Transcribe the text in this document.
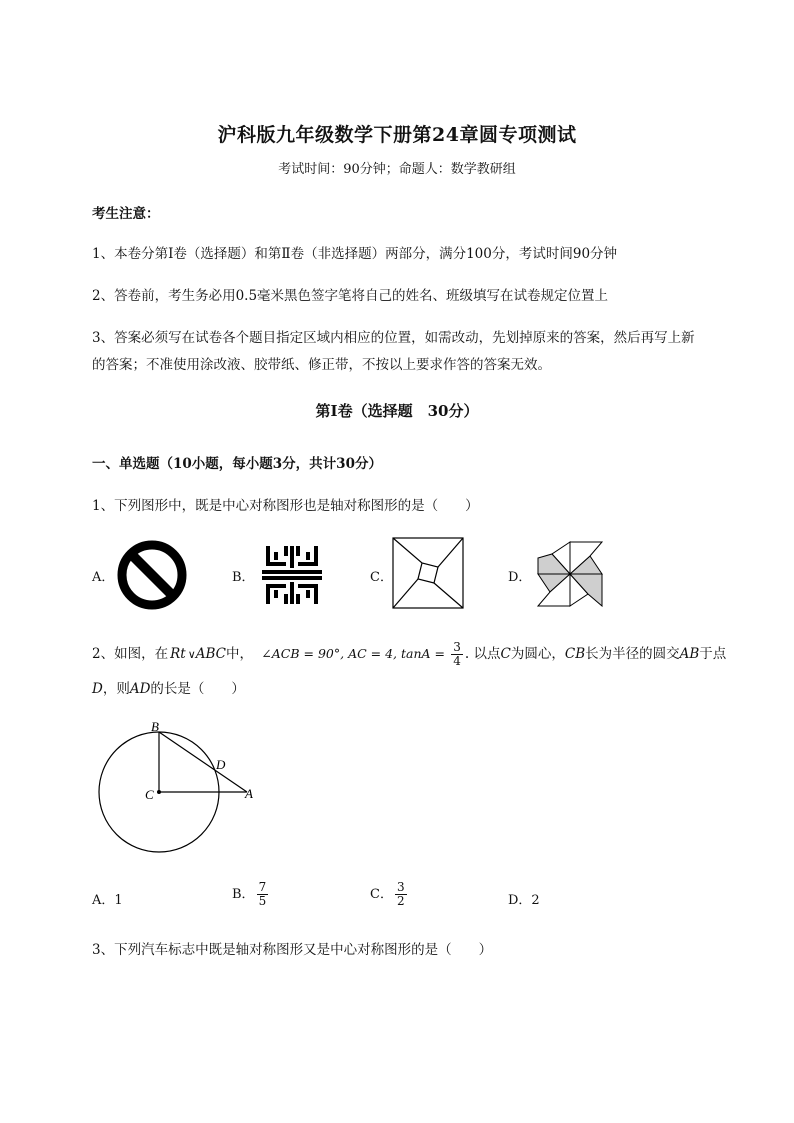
沪科版九年级数学下册第24章圆专项测试
考试时间：90分钟；命题人：数学教研组
考生注意：
1、本卷分第I卷（选择题）和第Ⅱ卷（非选择题）两部分，满分100分，考试时间90分钟
2、答卷前，考生务必用0.5毫米黑色签字笔将自己的姓名、班级填写在试卷规定位置上
3、答案必须写在试卷各个题目指定区域内相应的位置，如需改动，先划掉原来的答案，然后再写上新
的答案；不准使用涂改液、胶带纸、修正带，不按以上要求作答的答案无效。
第I卷（选择题　30分）
一、单选题（10小题，每小题3分，共计30分）
1、下列图形中，既是中心对称图形也是轴对称图形的是（　　）
A．	B．	C．	D．
2、如图，在 Rt ∨ABC中， ∠ACB = 90°, AC = 4, $\tan A = \frac{3}{4}$ . 以点C为圆心，CB长为半径的圆交AB于点
D，则AD的长是（　　）
B
C
D
A
A．1	B． $\frac{7}{5}$	C． $\frac{3}{2}$	D．2
3、下列汽车标志中既是轴对称图形又是中心对称图形的是（　　）
